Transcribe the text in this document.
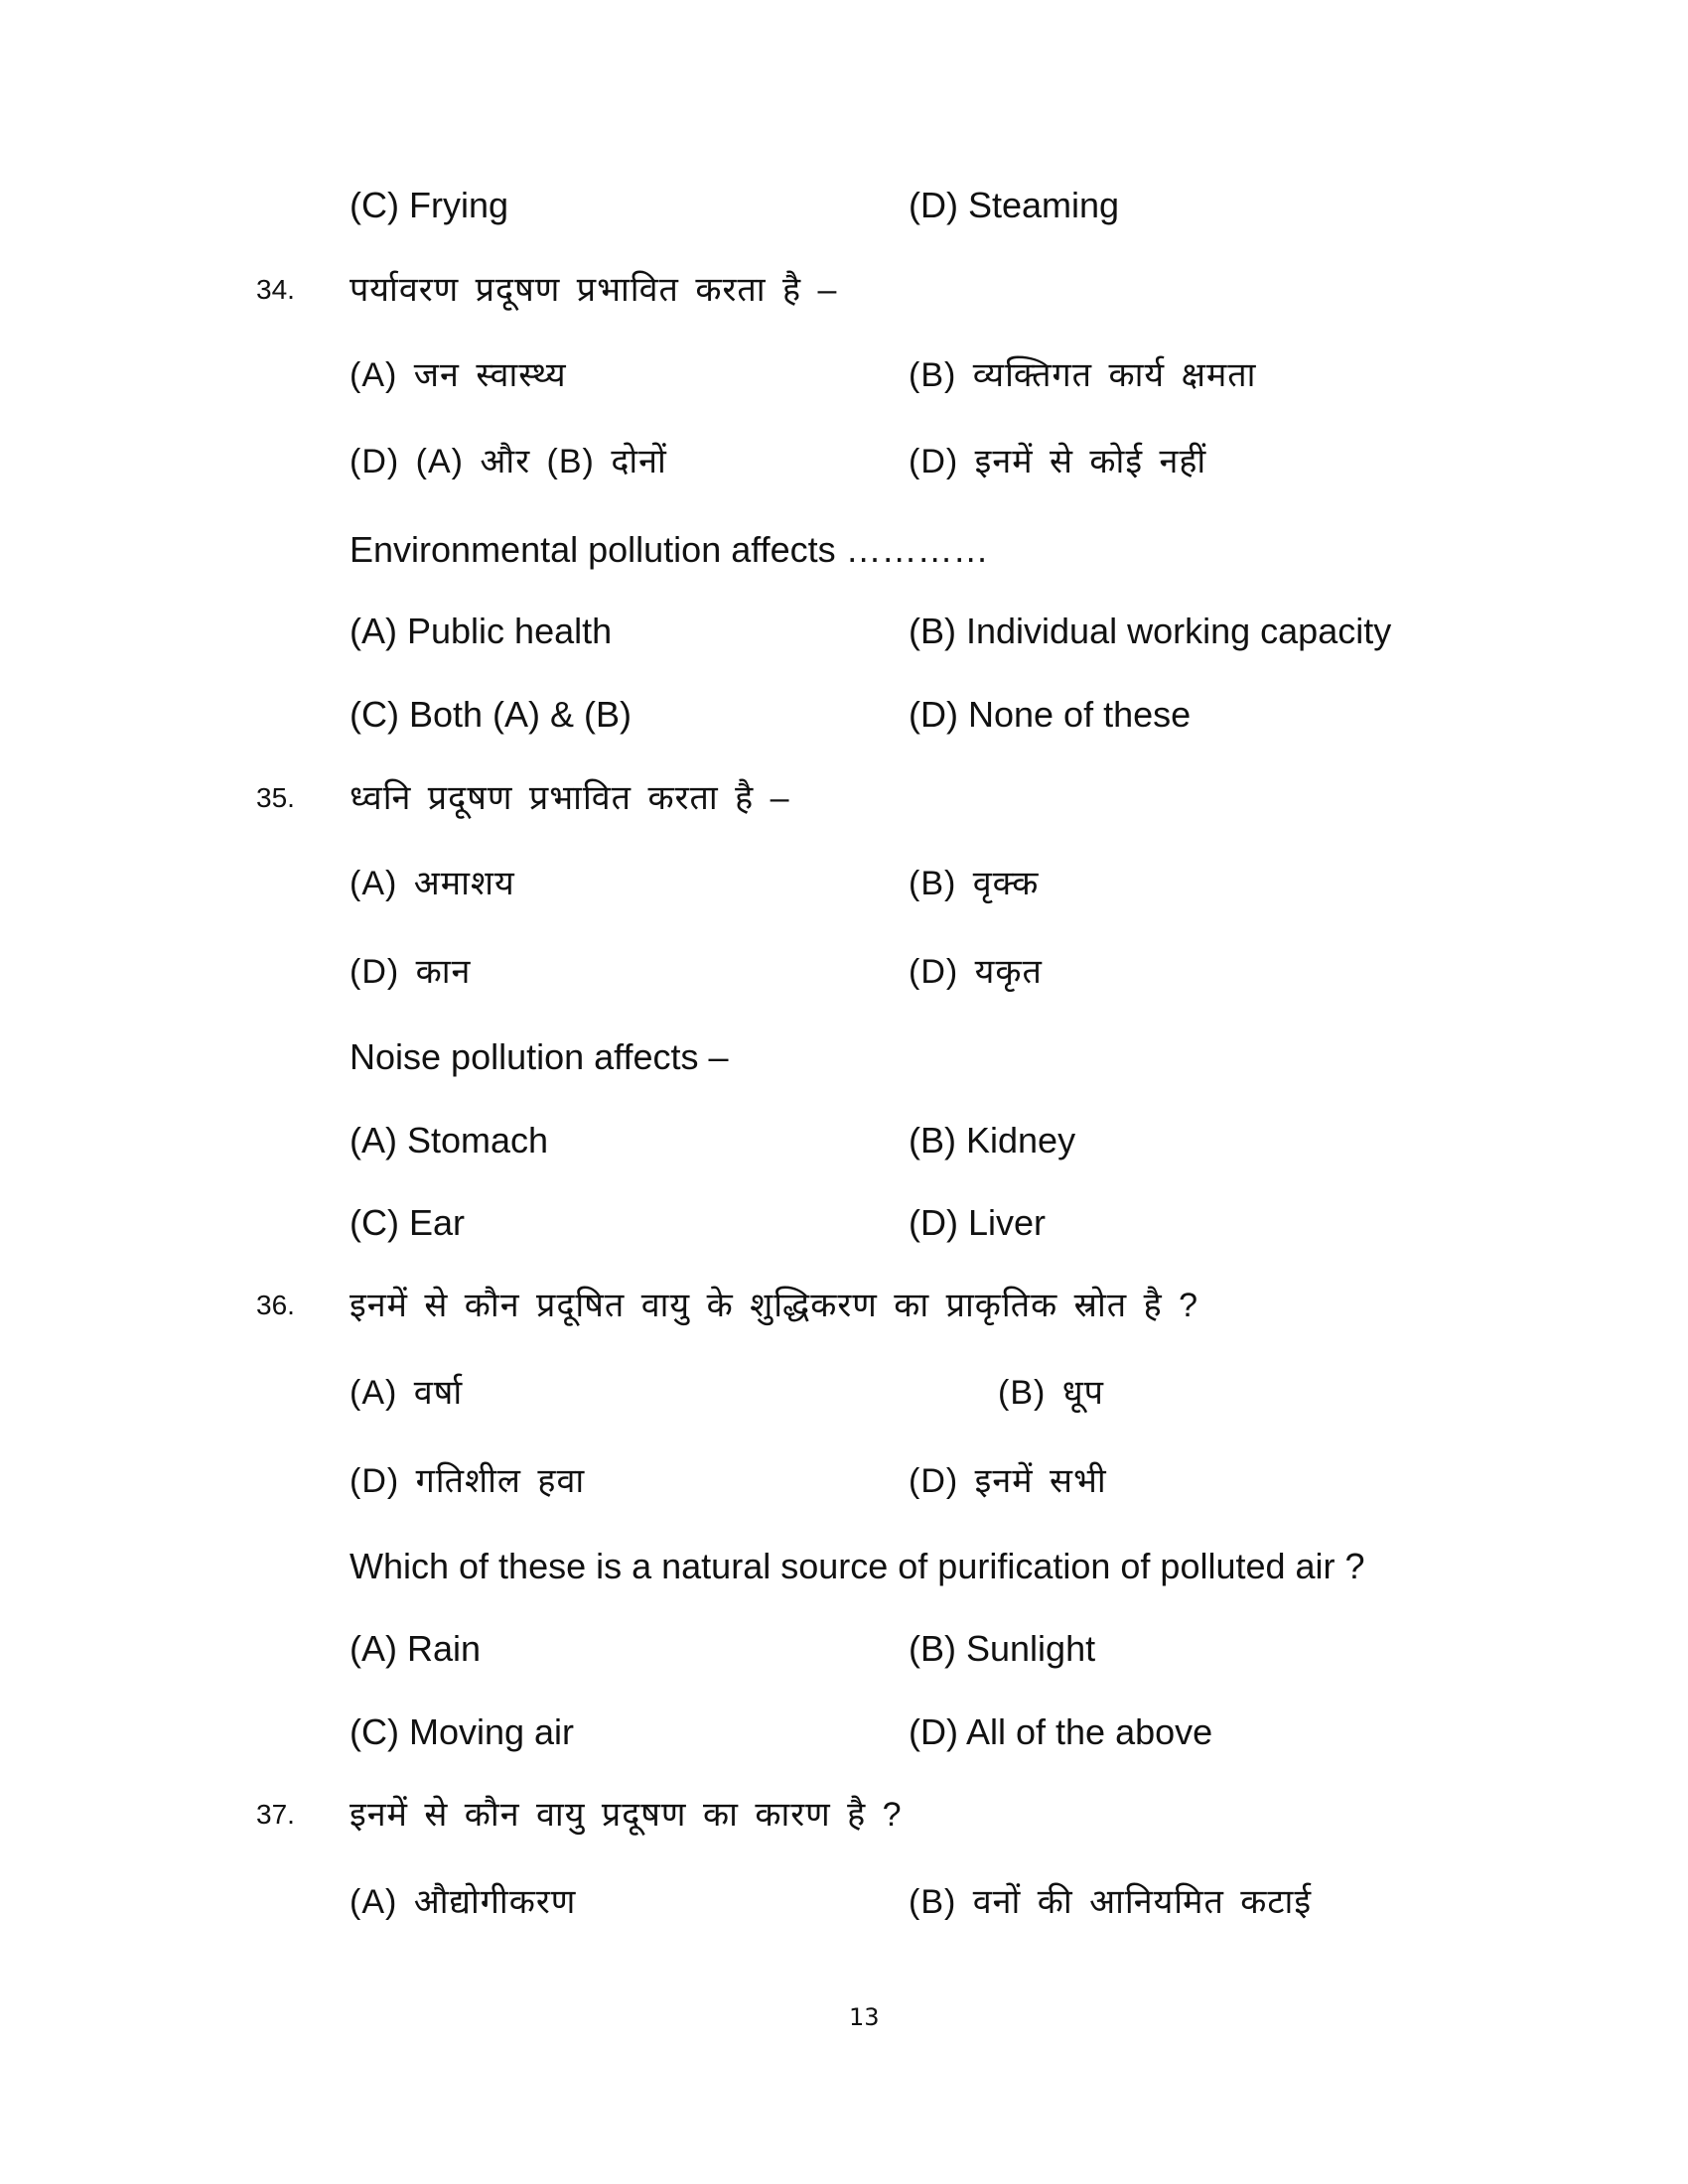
(C) Frying	(D) Steaming
34. पर्यावरण प्रदूषण प्रभावित करता है –
(A) जन स्वास्थ्य	(B) व्यक्तिगत कार्य क्षमता
(D) (A) और (B) दोनों	(D) इनमें से कोई नहीं
Environmental pollution affects …………
(A) Public health	(B) Individual working capacity
(C) Both (A) & (B)	(D) None of these
35. ध्वनि प्रदूषण प्रभावित करता है –
(A) अमाशय	(B) वृक्क
(D) कान	(D) यकृत
Noise pollution affects –
(A) Stomach	(B) Kidney
(C) Ear	(D) Liver
36. इनमें से कौन प्रदूषित वायु के शुद्धिकरण का प्राकृतिक स्रोत है ?
(A) वर्षा	(B) धूप
(D) गतिशील हवा	(D) इनमें सभी
Which of these is a natural source of purification of polluted air ?
(A) Rain	(B) Sunlight
(C) Moving air	(D) All of the above
37. इनमें से कौन वायु प्रदूषण का कारण है ?
(A) औद्योगीकरण	(B) वनों की आनियमित कटाई
13
